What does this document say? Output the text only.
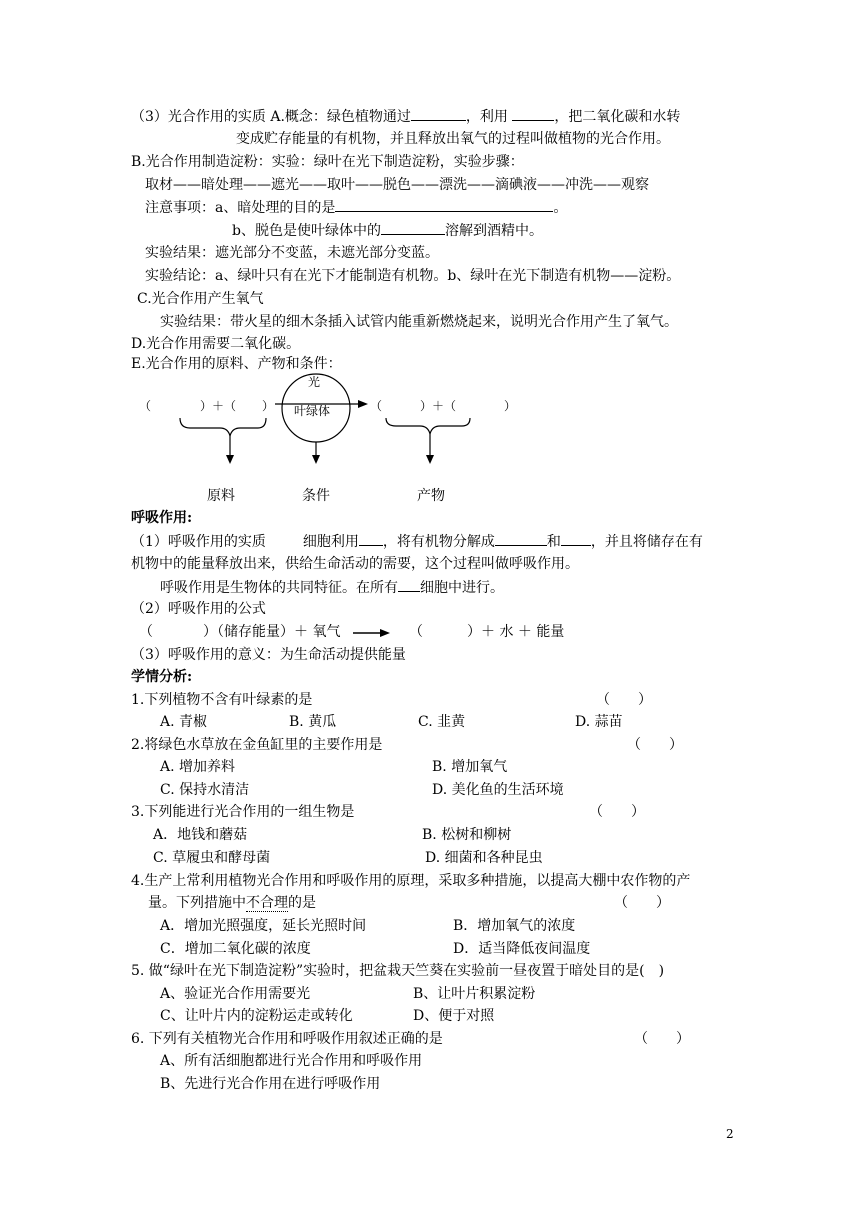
（3）光合作用的实质 A.概念：绿色植物通过	，利用	，把二氧化碳和水转
变成贮存能量的有机物，并且释放出氧气的过程叫做植物的光合作用。
B.光合作用制造淀粉：实验：绿叶在光下制造淀粉，实验步骤：
取材——暗处理——遮光——取叶——脱色——漂洗——滴碘液——冲洗——观察
注意事项：a、暗处理的目的是	。
b、脱色是使叶绿体中的	溶解到酒精中。
实验结果：遮光部分不变蓝，未遮光部分变蓝。
实验结论：a、绿叶只有在光下才能制造有机物。b、绿叶在光下制造有机物——淀粉。
C.光合作用产生氧气
实验结果：带火星的细木条插入试管内能重新燃烧起来，说明光合作用产生了氧气。
D.光合作用需要二氧化碳。
E.光合作用的原料、产物和条件：
（	）＋（ ）
光
叶绿体	（	）＋（	）
原料	条件	产物
呼吸作用:
（1）呼吸作用的实质	细胞利用 ，将有机物分解成	和 ，并且将储存在有
机物中的能量释放出来，供给生命活动的需要，这个过程叫做呼吸作用。
呼吸作用是生物体的共同特征。在所有 细胞中进行。
（2）呼吸作用的公式
（	）（储存能量）＋ 氧气	（	）＋ 水 ＋ 能量
（3）呼吸作用的意义：为生命活动提供能量
学情分析:
1.下列植物不含有叶绿素的是	（　　）
A. 青椒	B. 黄瓜	C. 韭黄	D. 蒜苗
2.将绿色水草放在金鱼缸里的主要作用是	（　　）
A. 增加养料	B. 增加氧气
C. 保持水清洁	D. 美化鱼的生活环境
3.下列能进行光合作用的一组生物是	（　　）
A．地钱和蘑菇	B. 松树和柳树
C. 草履虫和酵母菌	D. 细菌和各种昆虫
4.生产上常利用植物光合作用和呼吸作用的原理，采取多种措施，以提高大棚中农作物的产
量。下列措施中不合理的是	（　　）
A．增加光照强度，延长光照时间	B．增加氧气的浓度
C．增加二氧化碳的浓度	D．适当降低夜间温度
5. 做“绿叶在光下制造淀粉”实验时，把盆栽天竺葵在实验前一昼夜置于暗处目的是(　)
A、验证光合作用需要光	B、让叶片积累淀粉
C、让叶片内的淀粉运走或转化	D、便于对照
6. 下列有关植物光合作用和呼吸作用叙述正确的是	（　　）
A、所有活细胞都进行光合作用和呼吸作用
B、先进行光合作用在进行呼吸作用
2
